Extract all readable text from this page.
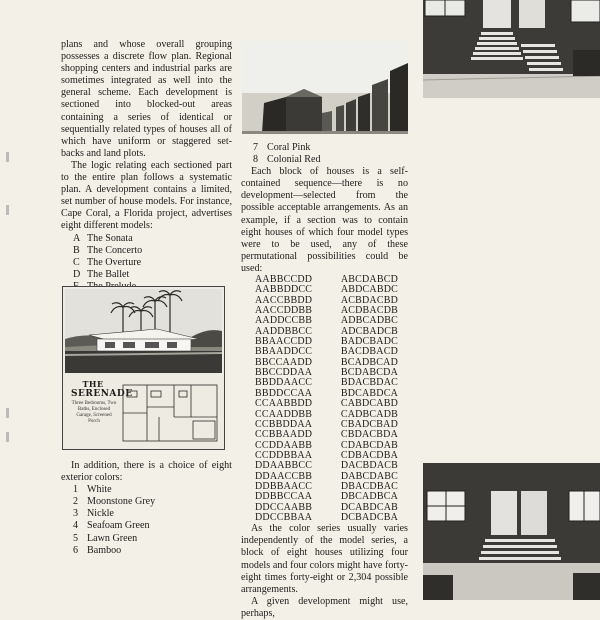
plans and whose overall grouping possesses a discrete flow plan. Regional shopping centers and industrial parks are sometimes integrated as well into the general scheme. Each development is sectioned into blocked-out areas containing a series of identical or sequentially related types of houses all of which have uniform or staggered set-backs and land plots.

The logic relating each sectioned part to the entire plan follows a systematic plan. A development contains a limited, set number of house models. For instance, Cape Coral, a Florida project, advertises eight different models:

A The Sonata
B The Concerto
C The Overture
D The Ballet

In addition, there is a choice of eight exterior colors:

1 White
2 Moonstone Grey
3 Nickle
4 Seafoam Green
5 Lawn Green
6 Bamboo
THE
SERENADE
Three Bedrooms, Two Baths, Enclosed Garage, Screened Porch
7 Coral Pink
8 Colonial Red

Each block of houses is a self-contained sequence—there is no development—selected from the possible acceptable arrangements. As an example, if a section was to contain eight houses of which four model types were to be used, any of these permutational possibilities could be used:

AABBCCDD
AABBDDCC
AACCBBDD
AACCDDBB
AADDCCBB
AADDBBCC
BBAACCDD
BBAADDCC
BBCCAADD
BBCCDDAA
BBDDAACC
BBDDCCAA
CCAABBDD
CCAADDBB
CCBBDDAA
CCBBAADD
CCDDAABB
CCDDBBAA
DDAABBCC
DDAACCBB
DDBBAACC
DDBBCCAA
DDCCAABB
DDCCBBAA
ABCDABCD
ABDCABDC
ACBDACBD
ACDBACDB
ADBCADBC
ADCBADCB
BADCBADC
BACDBACD
BCADBCAD
BCDABCDA
BDACBDAC
BDCABDCA
CABDCABD
CADBCADB
CBADCBAD
CBDACBDA
CDABCDAB
CDBACDBA
DACBDACB
DABCDABC
DBACDBAC
DBCADBCA
DCABDCAB
DCBADCBA

As the color series usually varies independently of the model series, a block of eight houses utilizing four models and four colors might have forty-eight times forty-eight or 2,304 possible arrangements.

A given development might use, perhaps,
